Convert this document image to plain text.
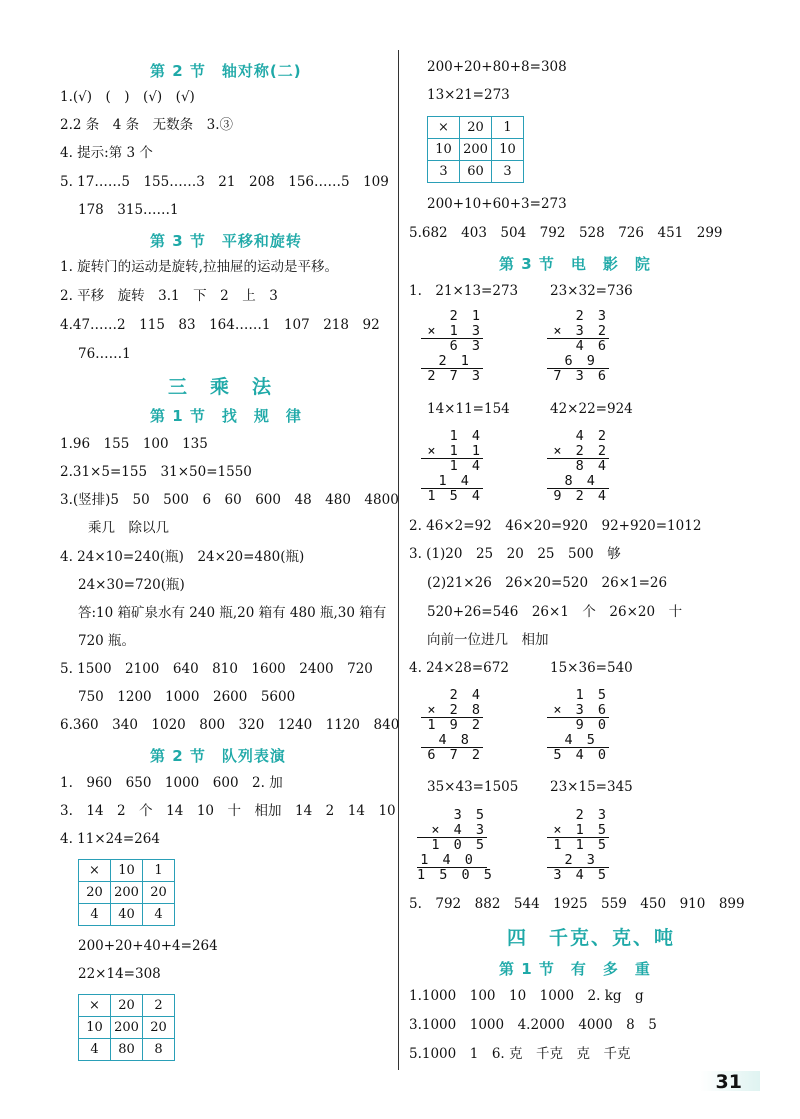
第 2 节　轴对称(二)
1.(√)　(　)　(√)　(√)
2.2 条　4 条　无数条　3.③
4. 提示:第 3 个
5. 17……5　155……3　21　208　156……5　109
178　315……1
第 3 节　平移和旋转
1. 旋转门的运动是旋转,拉抽屉的运动是平移。
2. 平移　旋转　3.1　下　2　上　3
4.47……2　115　83　164……1　107　218　92
76……1
三　乘　法
第 1 节　找　规　律
1.96　155　100　135
2.31×5=155　31×50=1550
3.(竖排)5　50　500　6　60　600　48　480　4800
乘几　除以几
4. 24×10=240(瓶)　24×20=480(瓶)
24×30=720(瓶)
答:10 箱矿泉水有 240 瓶,20 箱有 480 瓶,30 箱有
720 瓶。
5. 1500　2100　640　810　1600　2400　720
750　1200　1000　2600　5600
6.360　340　1020　800　320　1240　1120　840
第 2 节　队列表演
1.　960　650　1000　600　2. 加
3.　14　2　个　14　10　十　相加　14　2　14　10
4. 11×24=264
×	10	1
20	200	20
4	40	4
200+20+40+4=264
22×14=308
×	20	2
10	200	20
4	80	8
200+20+80+8=308
13×21=273
×	20	1
10	200	10
3	60	3
200+10+60+3=273
5.682　403　504　792　528　726　451　299
第 3 节　电　影　院
1.　21×13=273 23×32=736
2 1
× 1 3
6 3
2 1
2 7 3
2 3
× 3 2
4 6
6 9
7 3 6
14×11=154	42×22=924
1 4
× 1 1
1 4
1 4
1 5 4
4 2
× 2 2
8 4
8 4
9 2 4
2. 46×2=92　46×20=920　92+920=1012
3. (1)20　25　20　25　500　够
(2)21×26　26×20=520　26×1=26
520+26=546　26×1　个　26×20　十
向前一位进几　相加
4. 24×28=672	15×36=540
2 4
× 2 8
1 9 2
4 8
6 7 2
1 5
× 3 6
9 0
4 5
5 4 0
35×43=1505 23×15=345
3 5
× 4 3
1 0 5
1 4 0
1 5 0 5
2 3
× 1 5
1 1 5
2 3
3 4 5
5.　792　882　544　1925　559　450　910　899
四　千克、克、吨
第 1 节　有　多　重
1.1000　100　10　1000　2. kg　g
3.1000　1000　4.2000　4000　8　5
5.1000　1　6. 克　千克　克　千克
31
